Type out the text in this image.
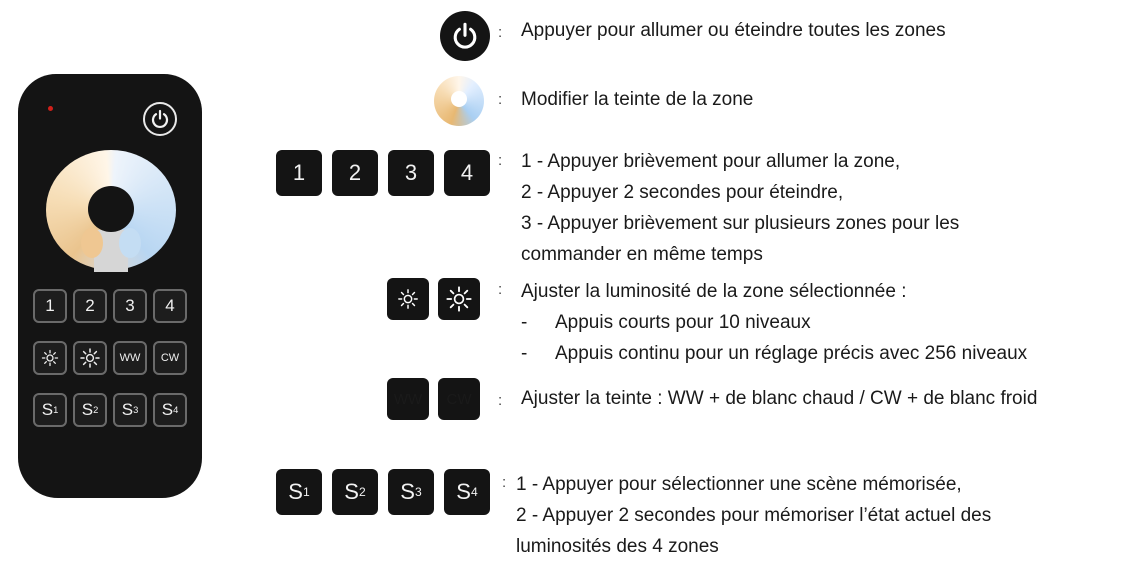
1	2	3	4
WW	CW
S 1 S 2 S 3 S 4
: Appuyer pour allumer ou éteindre toutes les zones
: Modifier la teinte de la zone
1	2	3	4	: 1 - Appuyer brièvement pour allumer la zone,
2 - Appuyer 2 secondes pour éteindre,
3 - Appuyer brièvement sur plusieurs zones pour les
commander en même temps
: Ajuster la luminosité de la zone sélectionnée :
- Appuis courts pour 10 niveaux
- Appuis continu pour un réglage précis avec 256 niveaux
WW	CW	: Ajuster la teinte : WW + de blanc chaud / CW + de blanc froid
S 1 S 2 S 3 S 4
: 1 - Appuyer pour sélectionner une scène mémorisée,
2 - Appuyer 2 secondes pour mémoriser l’état actuel des
luminosités des 4 zones
